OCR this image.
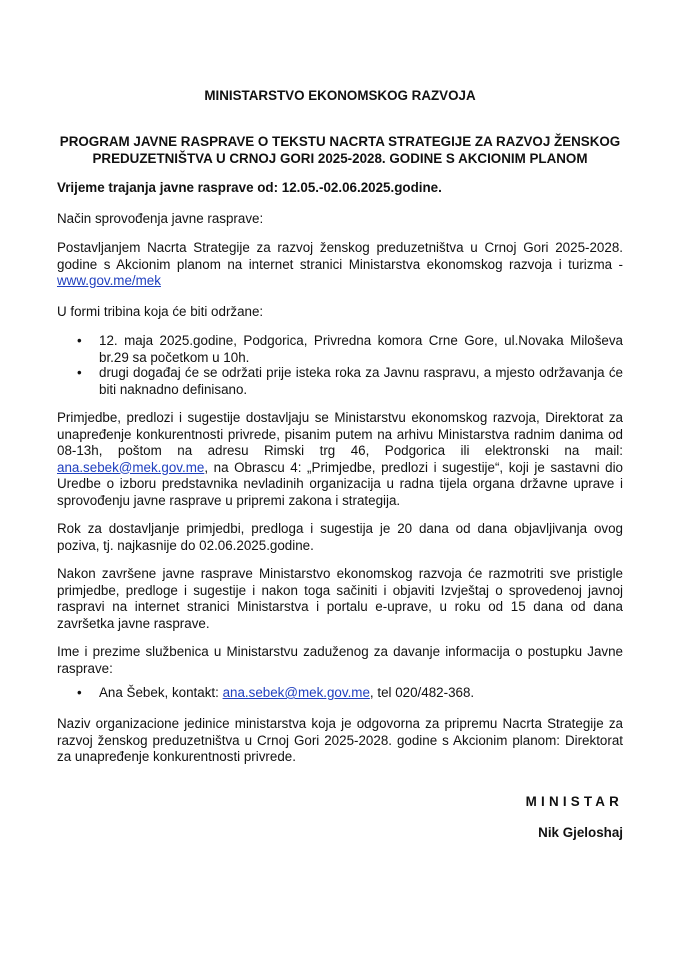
MINISTARSTVO EKONOMSKOG RAZVOJA
PROGRAM JAVNE RASPRAVE O TEKSTU NACRTA STRATEGIJE ZA RAZVOJ ŽENSKOG
PREDUZETNIŠTVA U CRNOJ GORI 2025-2028. GODINE S AKCIONIM PLANOM
Vrijeme trajanja javne rasprave od: 12.05.-02.06.2025.godine.
Način sprovođenja javne rasprave:
Postavljanjem Nacrta Strategije za razvoj ženskog preduzetništva u Crnoj Gori 2025-2028. godine s Akcionim planom na internet stranici Ministarstva ekonomskog razvoja i turizma - www.gov.me/mek
U formi tribina koja će biti održane:
• 12. maja 2025.godine, Podgorica, Privredna komora Crne Gore, ul.Novaka Miloševa br.29 sa početkom u 10h.
• drugi događaj će se održati prije isteka roka za Javnu raspravu, a mjesto održavanja će biti naknadno definisano.
Primjedbe, predlozi i sugestije dostavljaju se Ministarstvu ekonomskog razvoja, Direktorat za unapređenje konkurentnosti privrede, pisanim putem na arhivu Ministarstva radnim danima od 08-13h, poštom na adresu Rimski trg 46, Podgorica ili elektronski na mail: ana.sebek@mek.gov.me, na Obrascu 4: „Primjedbe, predlozi i sugestije“, koji je sastavni dio Uredbe o izboru predstavnika nevladinih organizacija u radna tijela organa državne uprave i sprovođenju javne rasprave u pripremi zakona i strategija.
Rok za dostavljanje primjedbi, predloga i sugestija je 20 dana od dana objavljivanja ovog poziva, tj. najkasnije do 02.06.2025.godine.
Nakon završene javne rasprave Ministarstvo ekonomskog razvoja će razmotriti sve pristigle primjedbe, predloge i sugestije i nakon toga sačiniti i objaviti Izvještaj o sprovedenoj javnoj raspravi na internet stranici Ministarstva i portalu e-uprave, u roku od 15 dana od dana završetka javne rasprave.
Ime i prezime službenica u Ministarstvu zaduženog za davanje informacija o postupku Javne rasprave:
• Ana Šebek, kontakt: ana.sebek@mek.gov.me, tel 020/482-368.
Naziv organizacione jedinice ministarstva koja je odgovorna za pripremu Nacrta Strategije za razvoj ženskog preduzetništva u Crnoj Gori 2025-2028. godine s Akcionim planom: Direktorat za unapređenje konkurentnosti privrede.
MINISTAR
Nik Gjeloshaj
